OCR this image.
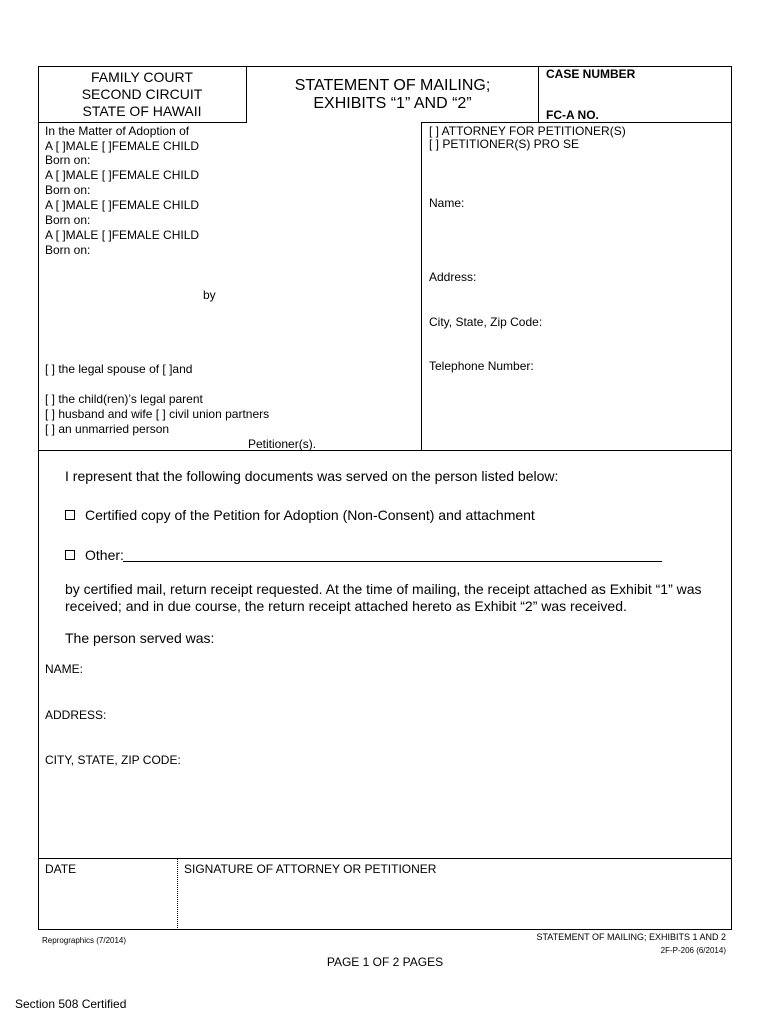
FAMILY COURT
SECOND CIRCUIT
STATE OF HAWAII
STATEMENT OF MAILING;
EXHIBITS “1” AND “2”
CASE NUMBER
FC-A NO.
In the Matter of Adoption of
A [ ]MALE [ ]FEMALE CHILD
Born on:
A [ ]MALE [ ]FEMALE CHILD
Born on:
A [ ]MALE [ ]FEMALE CHILD
Born on:
A [ ]MALE [ ]FEMALE CHILD
Born on:
by
[ ] the legal spouse of [ ]and
[ ] the child(ren)’s legal parent
[ ] husband and wife [ ] civil union partners
[ ] an unmarried person
Petitioner(s).
[ ] ATTORNEY FOR PETITIONER(S)
[ ] PETITIONER(S) PRO SE
Name:
Address:
City, State, Zip Code:
Telephone Number:
I represent that the following documents was served on the person listed below:
Certified copy of the Petition for Adoption (Non-Consent) and attachment
Other:
by certified mail, return receipt requested. At the time of mailing, the receipt attached as Exhibit “1” was
received; and in due course, the return receipt attached hereto as Exhibit “2” was received.
The person served was:
NAME:
ADDRESS:
CITY, STATE, ZIP CODE:
DATE	SIGNATURE OF ATTORNEY OR PETITIONER
Reprographics (7/2014)	STATEMENT OF MAILING; EXHIBITS 1 AND 2
2F-P-206 (6/2014)
PAGE 1 OF 2 PAGES
Section 508 Certified
